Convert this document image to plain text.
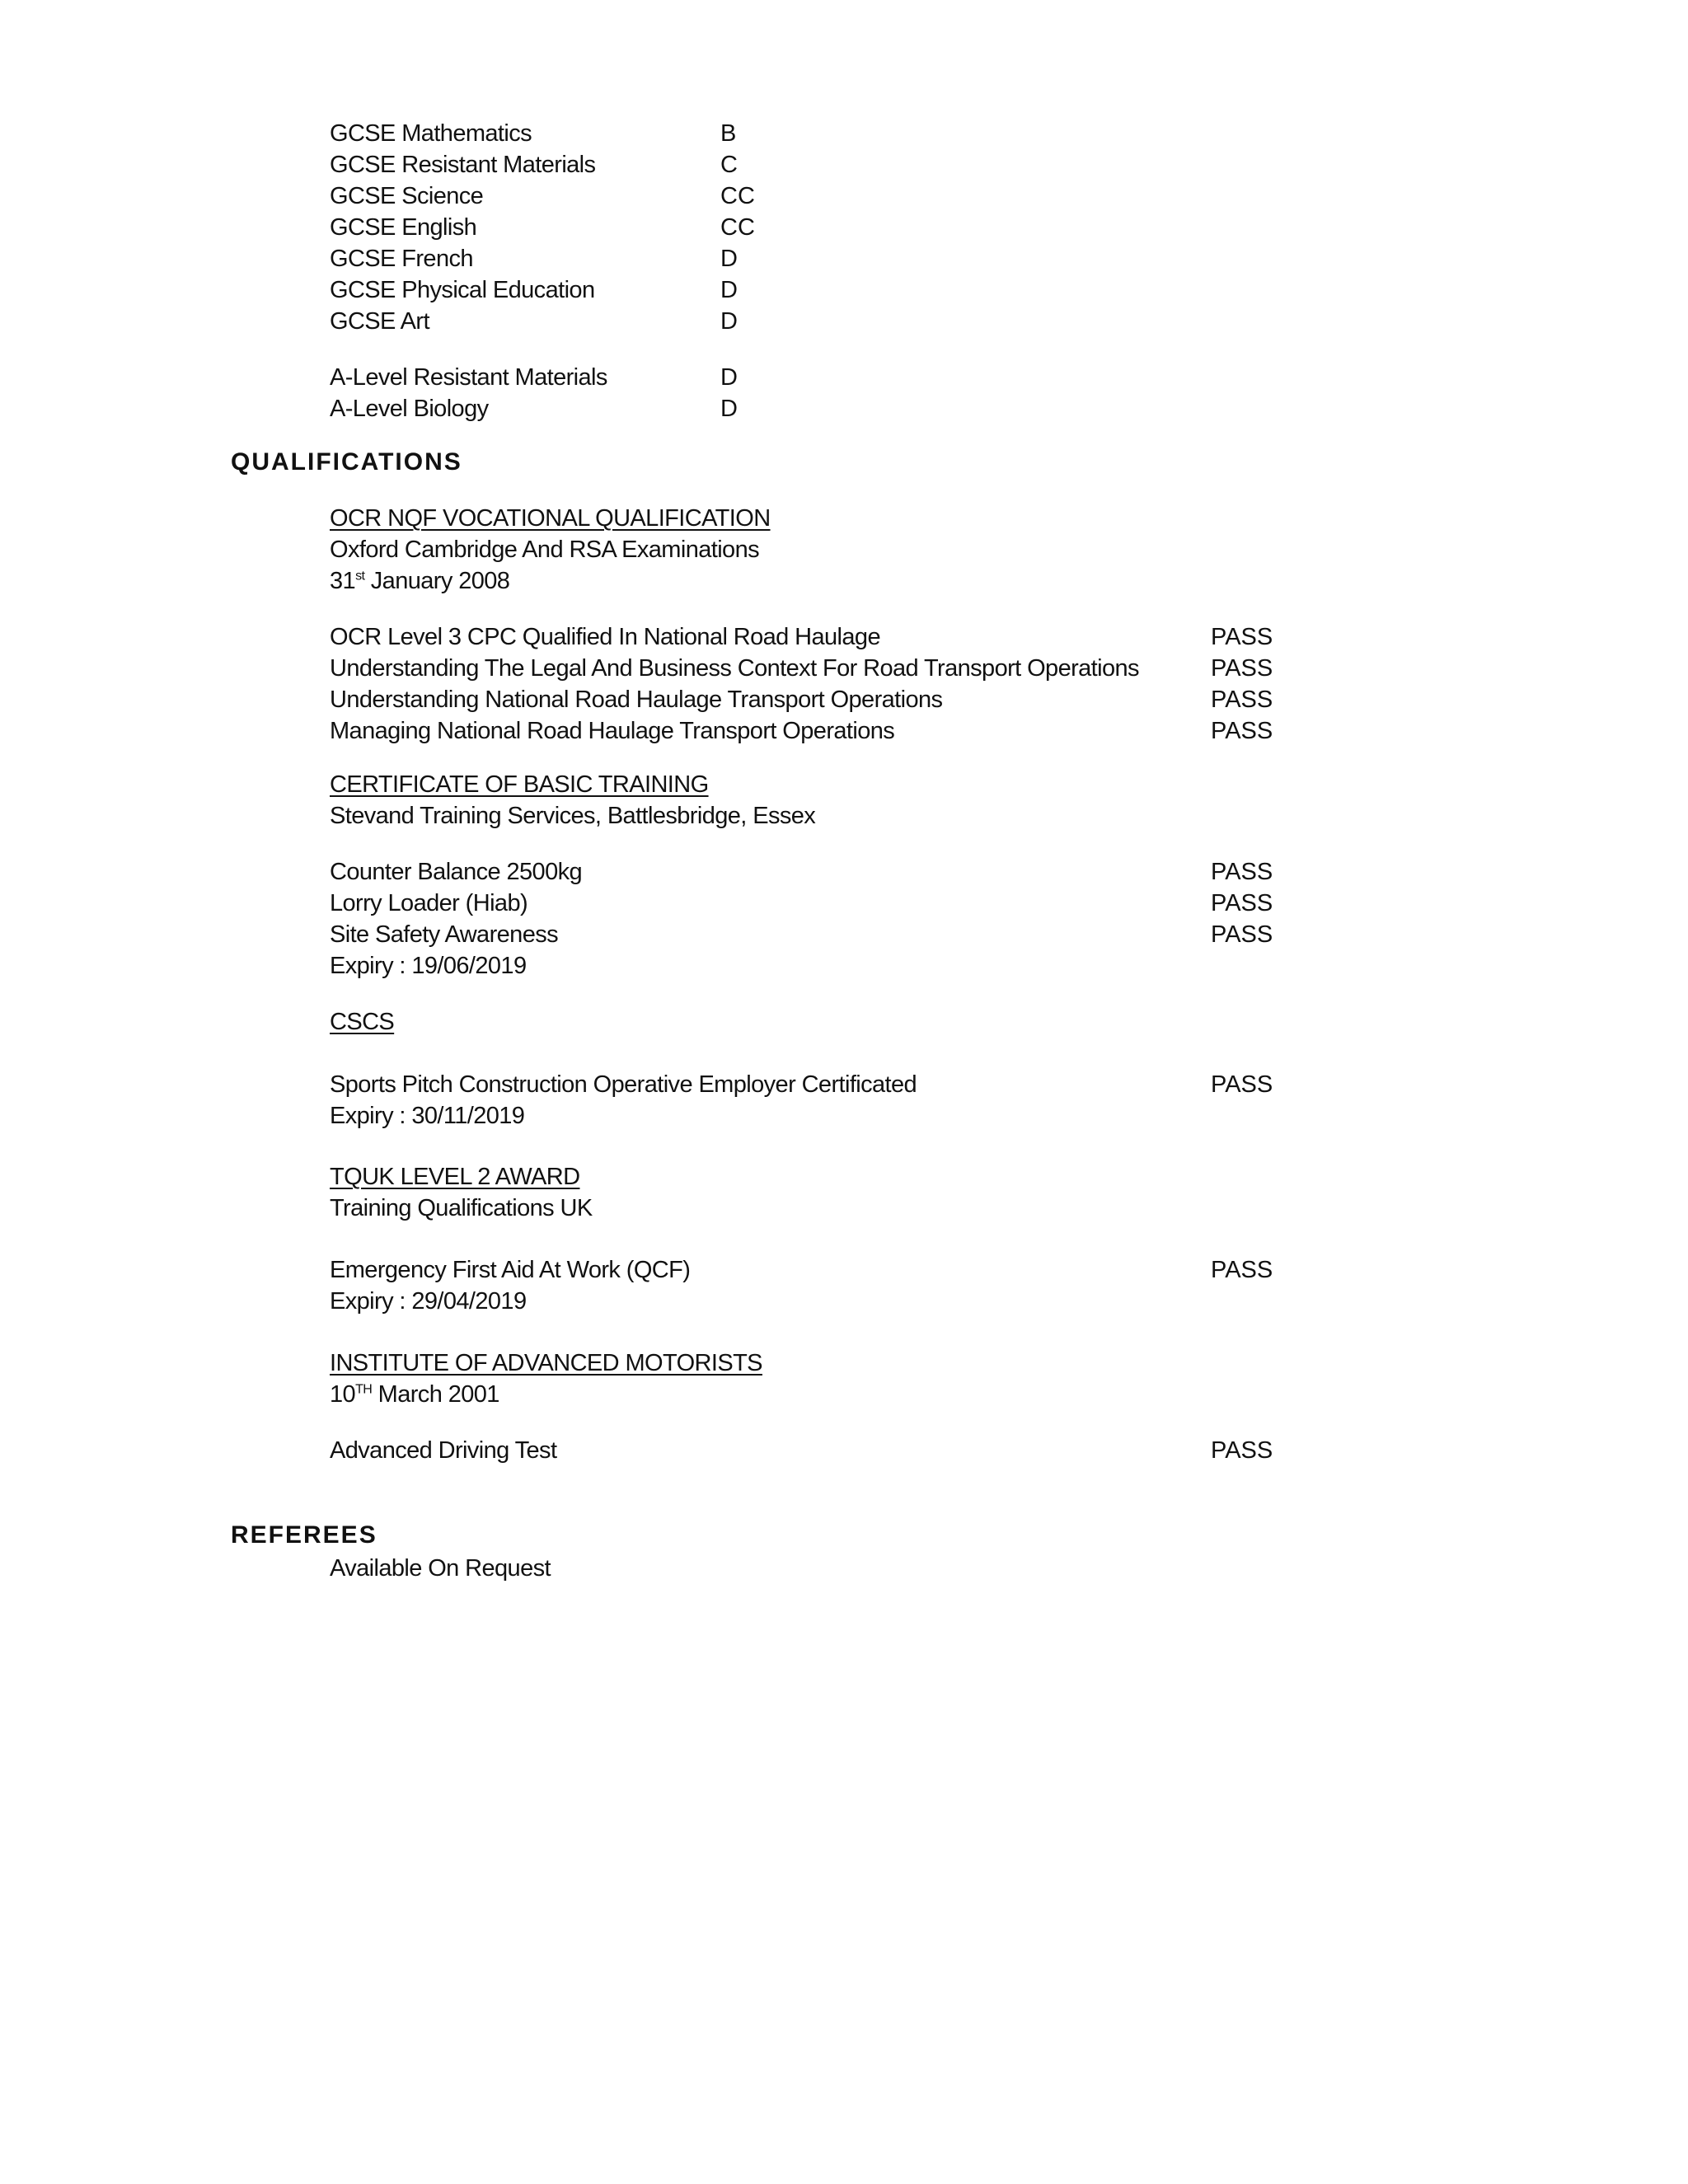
GCSE Mathematics	B
GCSE Resistant Materials	C
GCSE Science	CC
GCSE English	CC
GCSE French	D
GCSE Physical Education	D
GCSE Art	D
A-Level Resistant Materials	D
A-Level Biology	D
QUALIFICATIONS
OCR NQF VOCATIONAL QUALIFICATION
Oxford Cambridge And RSA Examinations
31st January 2008
OCR Level 3 CPC Qualified In National Road Haulage	PASS
Understanding The Legal And Business Context For Road Transport Operations	PASS
Understanding National Road Haulage Transport Operations	PASS
Managing National Road Haulage Transport Operations	PASS
CERTIFICATE OF BASIC TRAINING
Stevand Training Services, Battlesbridge, Essex
Counter Balance 2500kg	PASS
Lorry Loader (Hiab)	PASS
Site Safety Awareness	PASS
Expiry : 19/06/2019
CSCS
Sports Pitch Construction Operative Employer Certificated	PASS
Expiry : 30/11/2019
TQUK LEVEL 2 AWARD
Training Qualifications UK
Emergency First Aid At Work (QCF)	PASS
Expiry : 29/04/2019
INSTITUTE OF ADVANCED MOTORISTS
10TH March 2001
Advanced Driving Test	PASS
REFEREES
Available On Request
